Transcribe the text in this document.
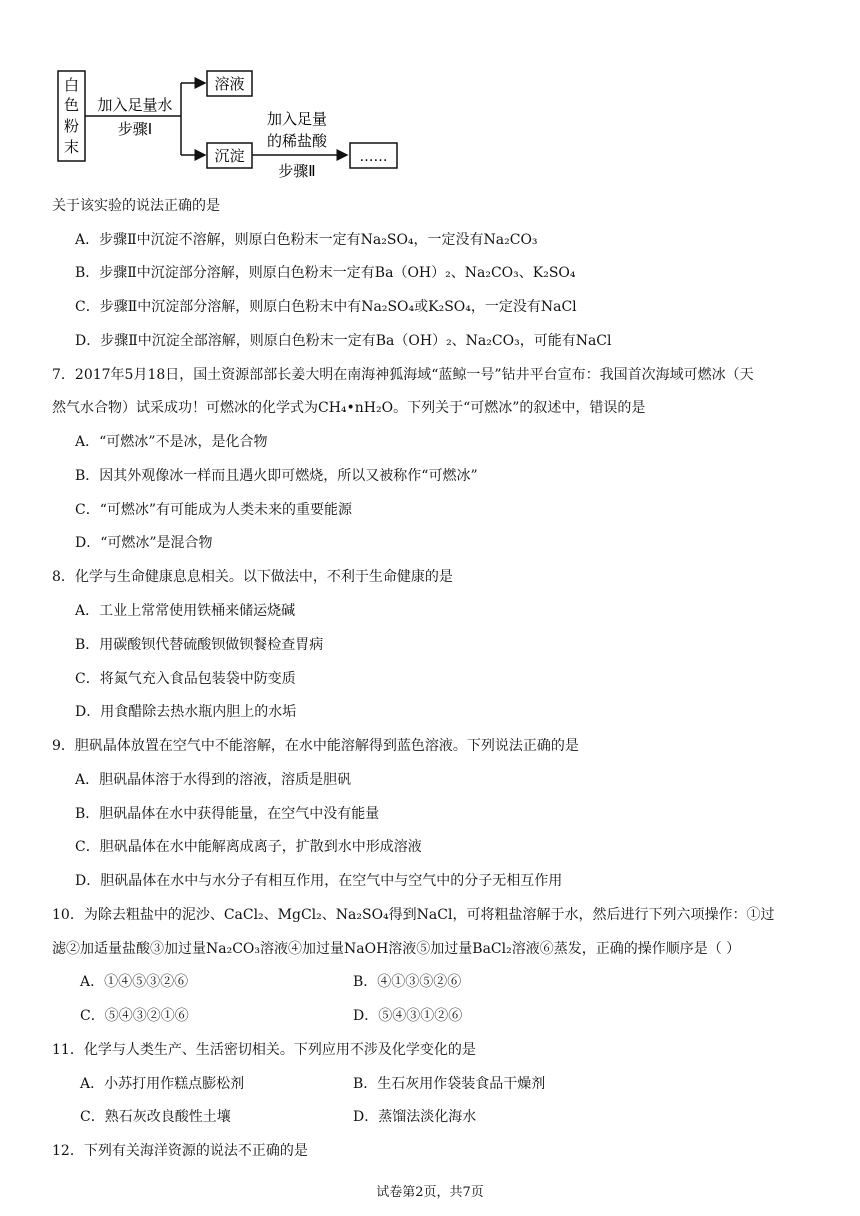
白
色
粉
末
加入足量水
步骤Ⅰ
溶液
沉淀
加入足量
的稀盐酸
步骤Ⅱ
……
关于该实验的说法正确的是
A．步骤Ⅱ中沉淀不溶解，则原白色粉末一定有Na₂SO₄，一定没有Na₂CO₃
B．步骤Ⅱ中沉淀部分溶解，则原白色粉末一定有Ba（OH）₂、Na₂CO₃、K₂SO₄
C．步骤Ⅱ中沉淀部分溶解，则原白色粉末中有Na₂SO₄或K₂SO₄，一定没有NaCl
D．步骤Ⅱ中沉淀全部溶解，则原白色粉末一定有Ba（OH）₂、Na₂CO₃，可能有NaCl
7．2017年5月18日，国土资源部部长姜大明在南海神狐海域“蓝鲸一号”钻井平台宣布：我国首次海域可燃冰（天
然气水合物）试采成功！可燃冰的化学式为CH₄•nH₂O。下列关于“可燃冰”的叙述中，错误的是
A．“可燃冰”不是冰，是化合物
B．因其外观像冰一样而且遇火即可燃烧，所以又被称作“可燃冰”
C．“可燃冰”有可能成为人类未来的重要能源
D．“可燃冰”是混合物
8．化学与生命健康息息相关。以下做法中，不利于生命健康的是
A．工业上常常使用铁桶来储运烧碱
B．用碳酸钡代替硫酸钡做钡餐检查胃病
C．将氮气充入食品包装袋中防变质
D．用食醋除去热水瓶内胆上的水垢
9．胆矾晶体放置在空气中不能溶解，在水中能溶解得到蓝色溶液。下列说法正确的是
A．胆矾晶体溶于水得到的溶液，溶质是胆矾
B．胆矾晶体在水中获得能量，在空气中没有能量
C．胆矾晶体在水中能解离成离子，扩散到水中形成溶液
D．胆矾晶体在水中与水分子有相互作用，在空气中与空气中的分子无相互作用
10．为除去粗盐中的泥沙、CaCl₂、MgCl₂、Na₂SO₄得到NaCl，可将粗盐溶解于水，然后进行下列六项操作：①过
滤②加适量盐酸③加过量Na₂CO₃溶液④加过量NaOH溶液⑤加过量BaCl₂溶液⑥蒸发，正确的操作顺序是（ ）
A．①④⑤③②⑥	B．④①③⑤②⑥
C．⑤④③②①⑥	D．⑤④③①②⑥
11．化学与人类生产、生活密切相关。下列应用不涉及化学变化的是
A．小苏打用作糕点膨松剂	B．生石灰用作袋装食品干燥剂
C．熟石灰改良酸性土壤	D．蒸馏法淡化海水
12．下列有关海洋资源的说法不正确的是
试卷第2页，共7页
